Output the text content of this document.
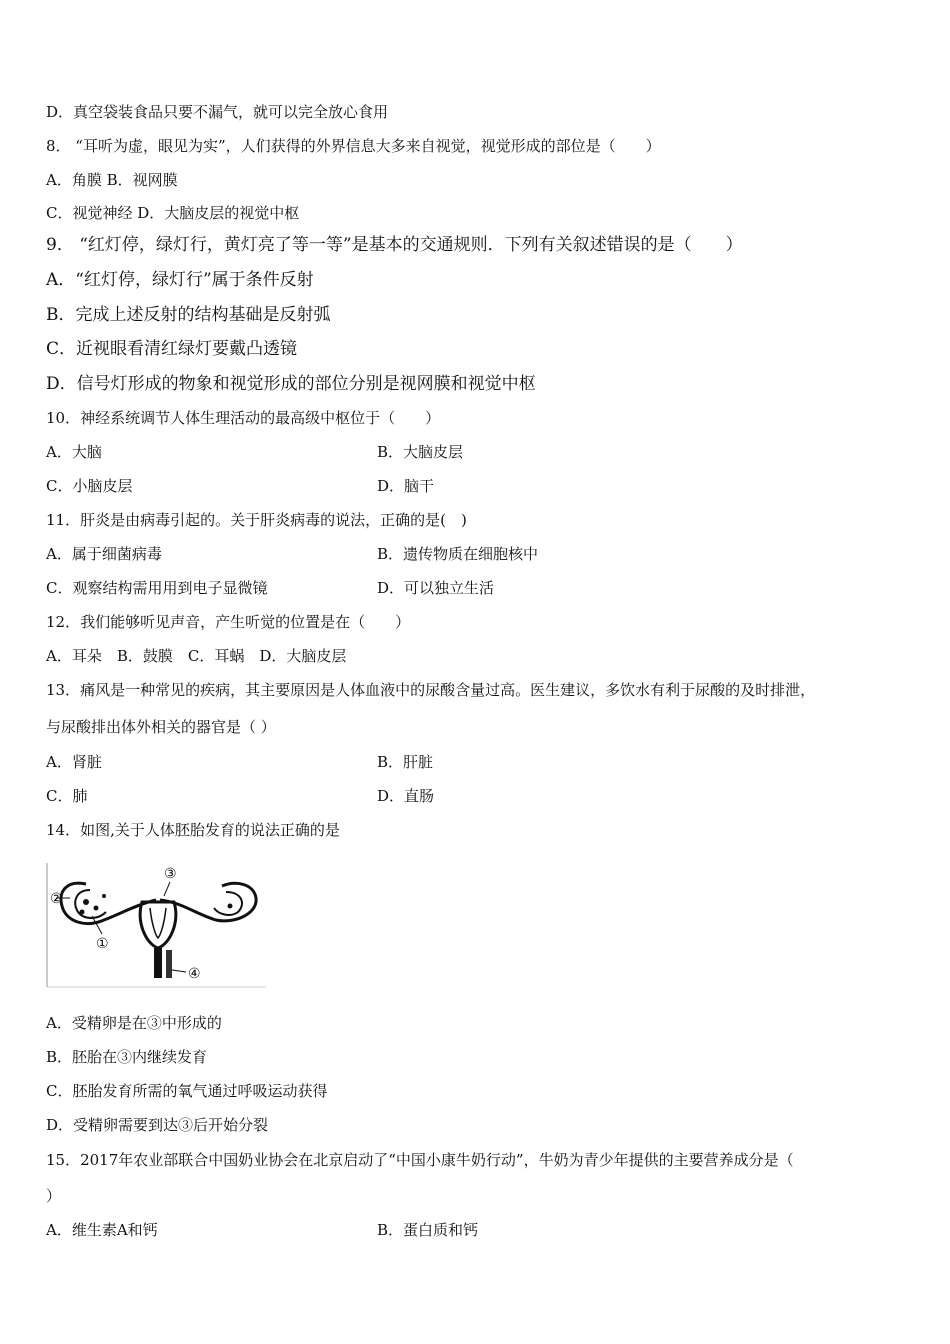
D．真空袋装食品只要不漏气，就可以完全放心食用
8． “耳听为虚，眼见为实”，人们获得的外界信息大多来自视觉，视觉形成的部位是（　　）
A．角膜 B．视网膜
C．视觉神经 D．大脑皮层的视觉中枢
9． “红灯停，绿灯行，黄灯亮了等一等”是基本的交通规则．下列有关叙述错误的是（　　）
A．“红灯停，绿灯行”属于条件反射
B．完成上述反射的结构基础是反射弧
C．近视眼看清红绿灯要戴凸透镜
D．信号灯形成的物象和视觉形成的部位分别是视网膜和视觉中枢
10．神经系统调节人体生理活动的最高级中枢位于（　　）
A．大脑	B．大脑皮层
C．小脑皮层	D．脑干
11．肝炎是由病毒引起的。关于肝炎病毒的说法，正确的是(　)
A．属于细菌病毒	B．遗传物质在细胞核中
C．观察结构需用用到电子显微镜	D．可以独立生活
12．我们能够听见声音，产生听觉的位置是在（　　）
A．耳朵　B．鼓膜　C．耳蜗　D．大脑皮层
13．痛风是一种常见的疾病，其主要原因是人体血液中的尿酸含量过高。医生建议，多饮水有利于尿酸的及时排泄，
与尿酸排出体外相关的器官是（ ）
A．肾脏	B．肝脏
C．肺	D．直肠
14．如图,关于人体胚胎发育的说法正确的是
②
③
①
④
A．受精卵是在③中形成的
B．胚胎在③内继续发育
C．胚胎发育所需的氧气通过呼吸运动获得
D．受精卵需要到达③后开始分裂
15．2017年农业部联合中国奶业协会在北京启动了“中国小康牛奶行动”，牛奶为青少年提供的主要营养成分是（
）
A．维生素A和钙	B．蛋白质和钙
